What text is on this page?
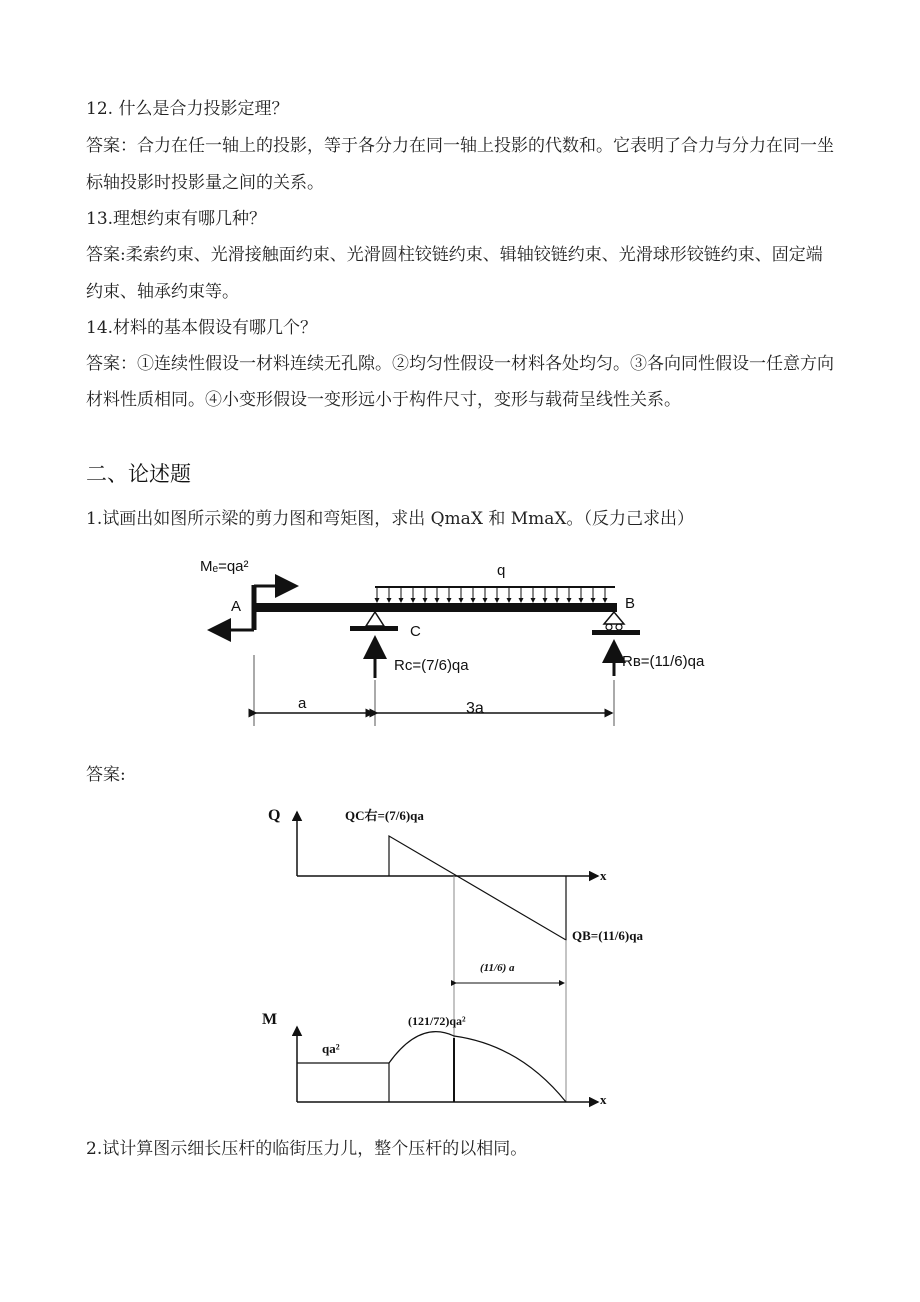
12. 什么是合力投影定理？
答案：合力在任一轴上的投影，等于各分力在同一轴上投影的代数和。它表明了合力与分力在同一坐
标轴投影时投影量之间的关系。
13.理想约束有哪几种？
答案:柔索约束、光滑接触面约束、光滑圆柱铰链约束、辑轴铰链约束、光滑球形铰链约束、固定端
约束、轴承约束等。
14.材料的基本假设有哪几个？
答案：①连续性假设一材料连续无孔隙。②均匀性假设一材料各处均匀。③各向同性假设一任意方向
材料性质相同。④小变形假设一变形远小于构件尺寸，变形与载荷呈线性关系。
二、论述题
1.试画出如图所示梁的剪力图和弯矩图，求出 QmaX 和 MmaX。（反力己求出）
Mₑ=qa²
A
q
C
B
Rc=(7/6)qa	Rʙ=(11/6)qa
a	3a
答案:
Q
x
QC右=(7/6)qa
QB=(11/6)qa
(11/6) a
M
x
(121/72)qa²
qa²
2.试计算图示细长压杆的临街压力儿，整个压杆的以相同。
